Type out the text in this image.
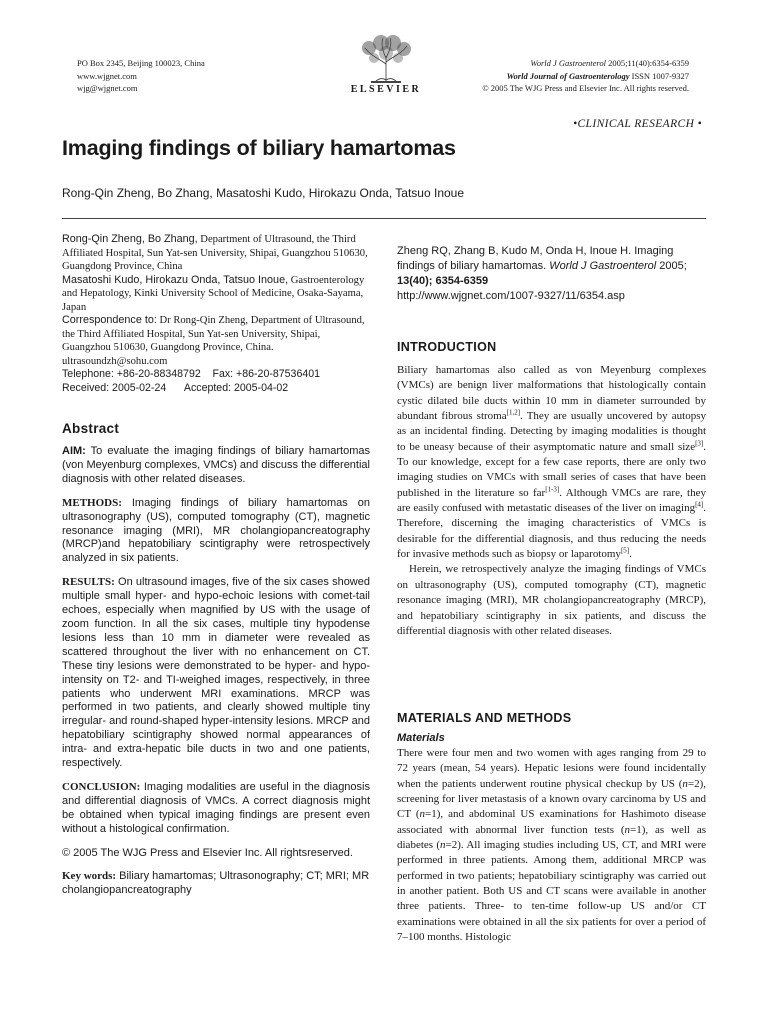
PO Box 2345, Beijing 100023, China
www.wjgnet.com
wjg@wjgnet.com	ELSEVIER
World J Gastroenterol 2005;11(40):6354-6359
World Journal of Gastroenterology ISSN 1007-9327
© 2005 The WJG Press and Elsevier Inc. All rights reserved.
•CLINICAL RESEARCH •
Imaging findings of biliary hamartomas
Rong-Qin Zheng, Bo Zhang, Masatoshi Kudo, Hirokazu Onda, Tatsuo Inoue
Rong-Qin Zheng, Bo Zhang, Department of Ultrasound, the Third Affiliated Hospital, Sun Yat-sen University, Shipai, Guangzhou 510630, Guangdong Province, China
Masatoshi Kudo, Hirokazu Onda, Tatsuo Inoue, Gastroenterology and Hepatology, Kinki University School of Medicine, Osaka-Sayama, Japan
Correspondence to: Dr Rong-Qin Zheng, Department of Ultrasound, the Third Affiliated Hospital, Sun Yat-sen University, Shipai, Guangzhou 510630, Guangdong Province, China. ultrasoundzh@sohu.com
Telephone: +86-20-88348792 Fax: +86-20-87536401
Received: 2005-02-24 Accepted: 2005-04-02
Abstract

AIM: To evaluate the imaging findings of biliary hamartomas (von Meyenburg complexes, VMCs) and discuss the differential diagnosis with other related diseases.

METHODS: Imaging findings of biliary hamartomas on ultrasonography (US), computed tomography (CT), magnetic resonance imaging (MRI), MR cholangiopancreatography (MRCP)and hepatobiliary scintigraphy were retrospectively analyzed in six patients.

RESULTS: On ultrasound images, five of the six cases showed multiple small hyper- and hypo-echoic lesions with comet-tail echoes, especially when magnified by US with the usage of zoom function. In all the six cases, multiple tiny hypodense lesions less than 10 mm in diameter were revealed as scattered throughout the liver with no enhancement on CT. These tiny lesions were demonstrated to be hyper- and hypo-intensity on T2- and TI-weighed images, respectively, in three patients who underwent MRI examinations. MRCP was performed in two patients, and clearly showed multiple tiny irregular- and round-shaped hyper-intensity lesions. MRCP and hepatobiliary scintigraphy showed normal appearances of intra- and extra-hepatic bile ducts in two and one patients, respectively.

CONCLUSION: Imaging modalities are useful in the diagnosis and differential diagnosis of VMCs. A correct diagnosis might be obtained when typical imaging findings are present even without a histological confirmation.

© 2005 The WJG Press and Elsevier Inc. All rightsreserved.

Key words: Biliary hamartomas; Ultrasonography; CT; MRI; MR cholangiopancreatography

Zheng RQ, Zhang B, Kudo M, Onda H, Inoue H. Imaging findings of biliary hamartomas. World J Gastroenterol 2005; 13(40); 6354-6359
http://www.wjgnet.com/1007-9327/11/6354.asp
INTRODUCTION

Biliary hamartomas also called as von Meyenburg complexes (VMCs) are benign liver malformations that histologically contain cystic dilated bile ducts within 10 mm in diameter surrounded by abundant fibrous stroma[1,2]. They are usually uncovered by autopsy as an incidental finding. Detecting by imaging modalities is thought to be uneasy because of their asymptomatic nature and small size[3]. To our knowledge, except for a few case reports, there are only two imaging studies on VMCs with small series of cases that have been published in the literature so far[1-3]. Although VMCs are rare, they are easily confused with metastatic diseases of the liver on imaging[4]. Therefore, discerning the imaging characteristics of VMCs is desirable for the differential diagnosis, and thus reducing the needs for invasive methods such as biopsy or laparotomy[5].

Herein, we retrospectively analyze the imaging findings of VMCs on ultrasonography (US), computed tomography (CT), magnetic resonance imaging (MRI), MR cholangiopancreatography (MRCP), and hepatobiliary scintigraphy in six patients, and discuss the differential diagnosis with other related diseases.

MATERIALS AND METHODS
Materials

There were four men and two women with ages ranging from 29 to 72 years (mean, 54 years). Hepatic lesions were found incidentally when the patients underwent routine physical checkup by US (n=2), screening for liver metastasis of a known ovary carcinoma by US and CT (n=1), and abdominal US examinations for Hashimoto disease associated with abnormal liver function tests (n=1), as well as diabetes (n=2). All imaging studies including US, CT, and MRI were performed in three patients. Among them, additional MRCP was performed in two patients; hepatobiliary scintigraphy was carried out in another patient. Both US and CT scans were available in another three patients. Three- to ten-time follow-up US and/or CT examinations were obtained in all the six patients for over a period of 7–100 months. Histologic
